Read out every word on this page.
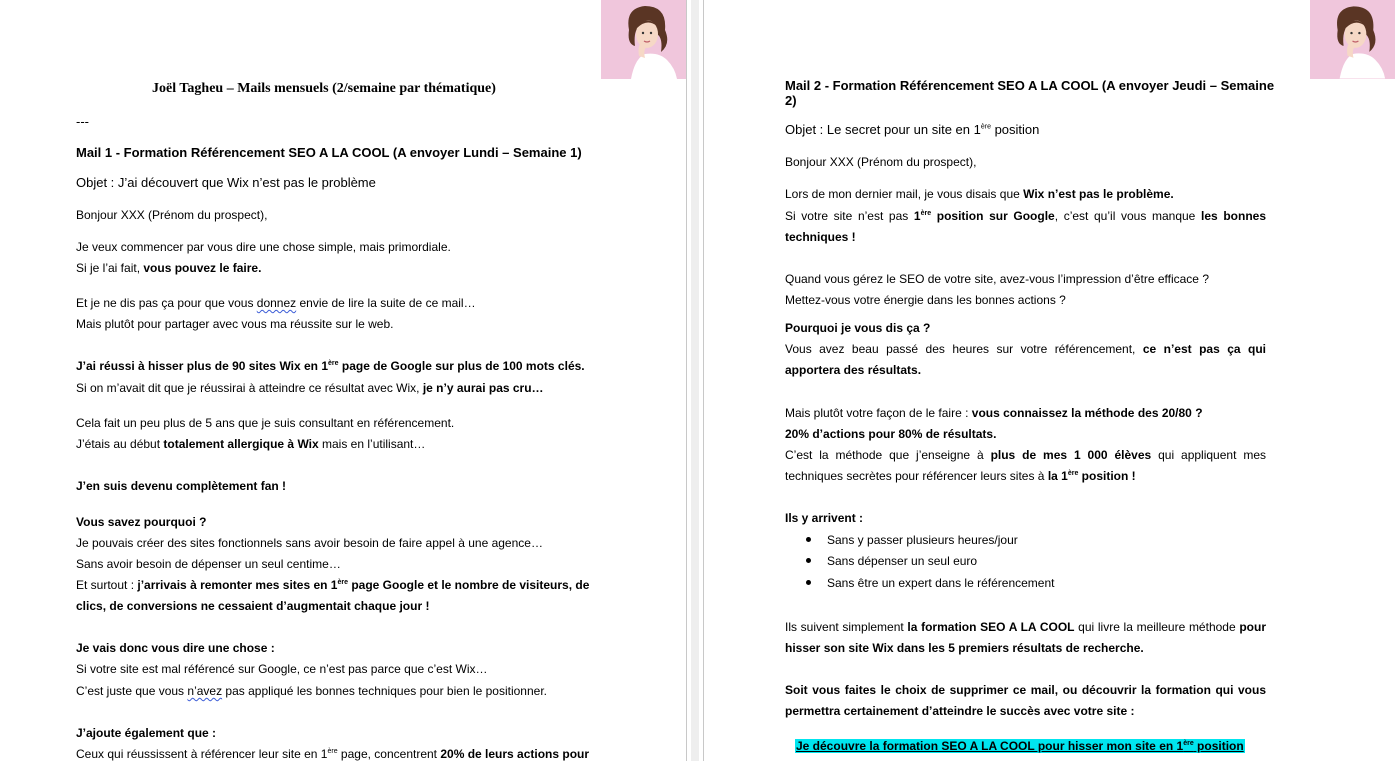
Joël Tagheu – Mails mensuels (2/semaine par thématique)
---
Mail 1 - Formation Référencement SEO A LA COOL (A envoyer Lundi – Semaine 1)
Objet : J’ai découvert que Wix n’est pas le problème
Bonjour XXX (Prénom du prospect),
Je veux commencer par vous dire une chose simple, mais primordiale.
Si je l’ai fait, vous pouvez le faire.
Et je ne dis pas ça pour que vous donnez envie de lire la suite de ce mail…
Mais plutôt pour partager avec vous ma réussite sur le web.
J’ai réussi à hisser plus de 90 sites Wix en 1ère page de Google sur plus de 100 mots clés.
Si on m’avait dit que je réussirai à atteindre ce résultat avec Wix, je n’y aurai pas cru…
Cela fait un peu plus de 5 ans que je suis consultant en référencement.
J’étais au début totalement allergique à Wix mais en l’utilisant…
J’en suis devenu complètement fan !
Vous savez pourquoi ?
Je pouvais créer des sites fonctionnels sans avoir besoin de faire appel à une agence…
Sans avoir besoin de dépenser un seul centime…
Et surtout : j’arrivais à remonter mes sites en 1ère page Google et le nombre de visiteurs, de
clics, de conversions ne cessaient d’augmentait chaque jour !
Je vais donc vous dire une chose :
Si votre site est mal référencé sur Google, ce n’est pas parce que c’est Wix…
C’est juste que vous n’avez pas appliqué les bonnes techniques pour bien le positionner.
J’ajoute également que :
Ceux qui réussissent à référencer leur site en 1ère page, concentrent 20% de leurs actions pour
Mail 2 - Formation Référencement SEO A LA COOL (A envoyer Jeudi – Semaine
2)
Objet : Le secret pour un site en 1ère position
Bonjour XXX (Prénom du prospect),
Lors de mon dernier mail, je vous disais que Wix n’est pas le problème.
Si votre site n’est pas 1ère position sur Google, c’est qu’il vous manque les bonnes
techniques !
Quand vous gérez le SEO de votre site, avez-vous l’impression d’être efficace ?
Mettez-vous votre énergie dans les bonnes actions ?
Pourquoi je vous dis ça ?
Vous avez beau passé des heures sur votre référencement, ce n’est pas ça qui
apportera des résultats.
Mais plutôt votre façon de le faire : vous connaissez la méthode des 20/80 ?
20% d’actions pour 80% de résultats.
C’est la méthode que j’enseigne à plus de mes 1 000 élèves qui appliquent mes
techniques secrètes pour référencer leurs sites à la 1ère position !
Ils y arrivent :
Sans y passer plusieurs heures/jour
Sans dépenser un seul euro
Sans être un expert dans le référencement
Ils suivent simplement la formation SEO A LA COOL qui livre la meilleure méthode pour
hisser son site Wix dans les 5 premiers résultats de recherche.
Soit vous faites le choix de supprimer ce mail, ou découvrir la formation qui vous
permettra certainement d’atteindre le succès avec votre site :
Je découvre la formation SEO A LA COOL pour hisser mon site en 1ère position
